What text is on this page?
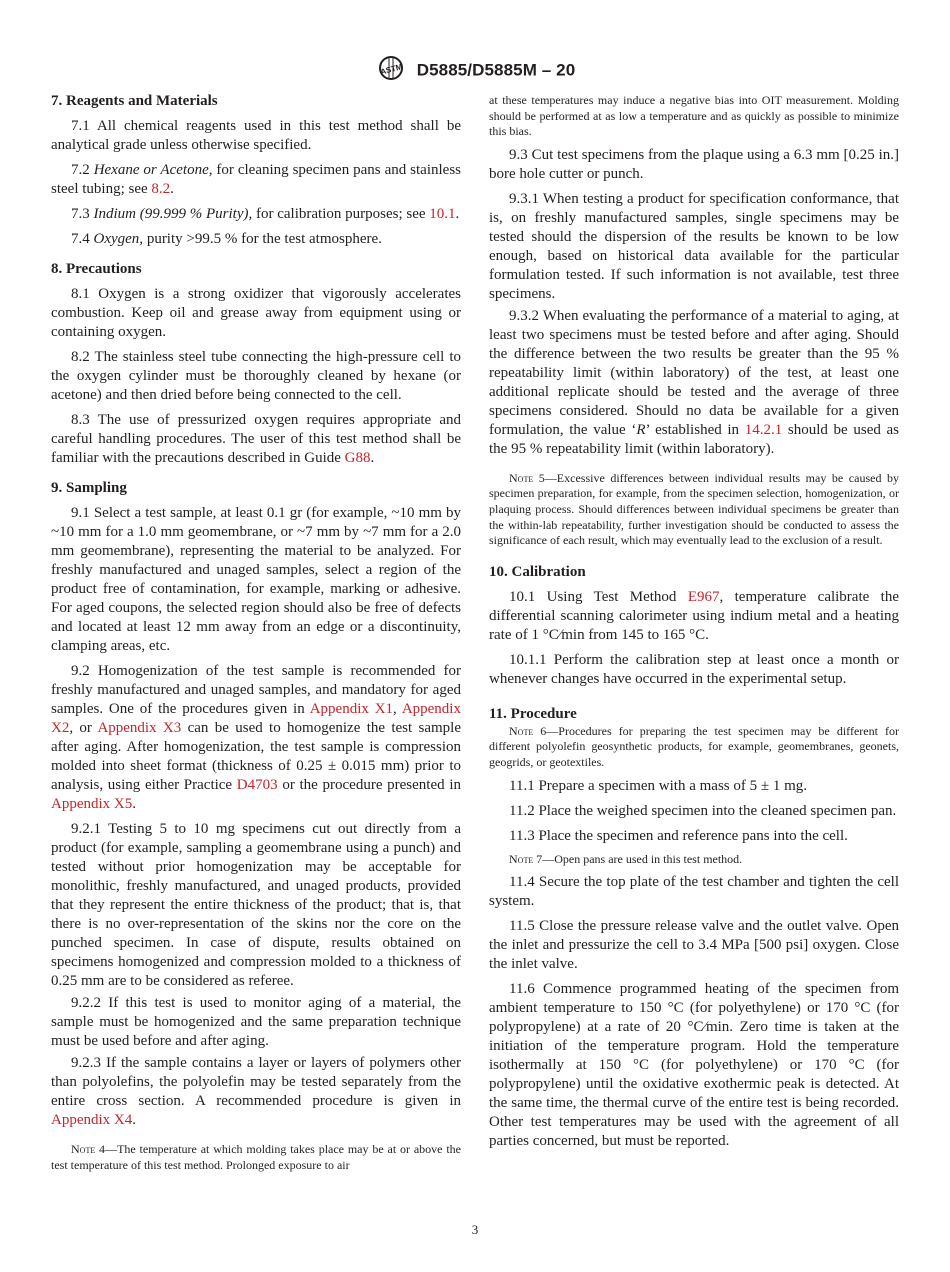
ASTM D5885/D5885M – 20
7. Reagents and Materials

7.1 All chemical reagents used in this test method shall be analytical grade unless otherwise specified.

7.2 Hexane or Acetone, for cleaning specimen pans and stainless steel tubing; see 8.2.

7.3 Indium (99.999 % Purity), for calibration purposes; see 10.1.

7.4 Oxygen, purity >99.5 % for the test atmosphere.

8. Precautions

8.1 Oxygen is a strong oxidizer that vigorously accelerates combustion. Keep oil and grease away from equipment using or containing oxygen.

8.2 The stainless steel tube connecting the high-pressure cell to the oxygen cylinder must be thoroughly cleaned by hexane (or acetone) and then dried before being connected to the cell.

8.3 The use of pressurized oxygen requires appropriate and careful handling procedures. The user of this test method shall be familiar with the precautions described in Guide G88.

9. Sampling

9.1 Select a test sample, at least 0.1 gr (for example, ~10 mm by ~10 mm for a 1.0 mm geomembrane, or ~7 mm by ~7 mm for a 2.0 mm geomembrane), representing the material to be analyzed. For freshly manufactured and unaged samples, select a region of the product free of contamination, for example, marking or adhesive. For aged coupons, the selected region should also be free of defects and located at least 12 mm away from an edge or a discontinuity, clamping areas, etc.

9.2 Homogenization of the test sample is recommended for freshly manufactured and unaged samples, and mandatory for aged samples. One of the procedures given in Appendix X1, Appendix X2, or Appendix X3 can be used to homogenize the test sample after aging. After homogenization, the test sample is compression molded into sheet format (thickness of 0.25 ± 0.015 mm) prior to analysis, using either Practice D4703 or the procedure presented in Appendix X5.

9.2.1 Testing 5 to 10 mg specimens cut out directly from a product (for example, sampling a geomembrane using a punch) and tested without prior homogenization may be acceptable for monolithic, freshly manufactured, and unaged products, provided that they represent the entire thickness of the product; that is, that there is no over-representation of the skins nor the core on the punched specimen. In case of dispute, results obtained on specimens homogenized and compression molded to a thickness of 0.25 mm are to be considered as referee.

9.2.2 If this test is used to monitor aging of a material, the sample must be homogenized and the same preparation technique must be used before and after aging.

9.2.3 If the sample contains a layer or layers of polymers other than polyolefins, the polyolefin may be tested separately from the entire cross section. A recommended procedure is given in Appendix X4.

Note 4—The temperature at which molding takes place may be at or above the test temperature of this test method. Prolonged exposure to air

at these temperatures may induce a negative bias into OIT measurement. Molding should be performed at as low a temperature and as quickly as possible to minimize this bias.

9.3 Cut test specimens from the plaque using a 6.3 mm [0.25 in.] bore hole cutter or punch.

9.3.1 When testing a product for specification conformance, that is, on freshly manufactured samples, single specimens may be tested should the dispersion of the results be known to be low enough, based on historical data available for the particular formulation tested. If such information is not available, test three specimens.

9.3.2 When evaluating the performance of a material to aging, at least two specimens must be tested before and after aging. Should the difference between the two results be greater than the 95 % repeatability limit (within laboratory) of the test, at least one additional replicate should be tested and the average of three specimens considered. Should no data be available for a given formulation, the value ‘R’ established in 14.2.1 should be used as the 95 % repeatability limit (within laboratory).

Note 5—Excessive differences between individual results may be caused by specimen preparation, for example, from the specimen selection, homogenization, or plaquing process. Should differences between individual specimens be greater than the within-lab repeatability, further investigation should be conducted to assess the significance of each result, which may eventually lead to the exclusion of a result.

10. Calibration

10.1 Using Test Method E967, temperature calibrate the differential scanning calorimeter using indium metal and a heating rate of 1 °C⁄min from 145 to 165 °C.

10.1.1 Perform the calibration step at least once a month or whenever changes have occurred in the experimental setup.

11. Procedure

Note 6—Procedures for preparing the test specimen may be different for different polyolefin geosynthetic products, for example, geomembranes, geonets, geogrids, or geotextiles.

11.1 Prepare a specimen with a mass of 5 ± 1 mg.

11.2 Place the weighed specimen into the cleaned specimen pan.

11.3 Place the specimen and reference pans into the cell.

Note 7—Open pans are used in this test method.

11.4 Secure the top plate of the test chamber and tighten the cell system.

11.5 Close the pressure release valve and the outlet valve. Open the inlet and pressurize the cell to 3.4 MPa [500 psi] oxygen. Close the inlet valve.

11.6 Commence programmed heating of the specimen from ambient temperature to 150 °C (for polyethylene) or 170 °C (for polypropylene) at a rate of 20 °C⁄min. Zero time is taken at the initiation of the temperature program. Hold the temperature isothermally at 150 °C (for polyethylene) or 170 °C (for polypropylene) until the oxidative exothermic peak is detected. At the same time, the thermal curve of the entire test is being recorded. Other test temperatures may be used with the agreement of all parties concerned, but must be reported.

3
